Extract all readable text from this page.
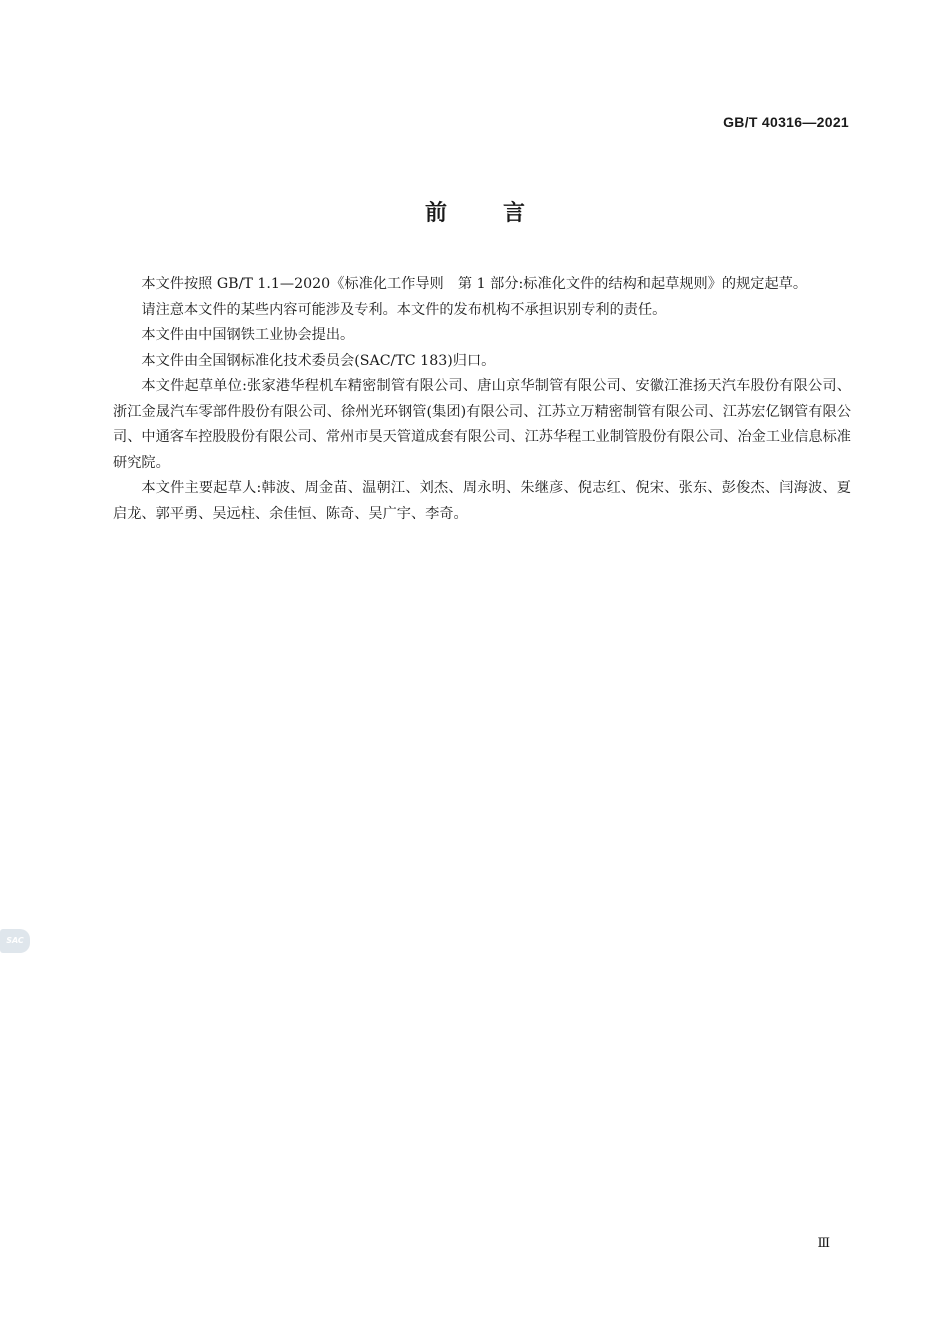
GB/T 40316—2021
前言

本文件按照 GB/T 1.1—2020《标准化工作导则　第 1 部分:标准化文件的结构和起草规则》的规定起草。

请注意本文件的某些内容可能涉及专利。本文件的发布机构不承担识别专利的责任。

本文件由中国钢铁工业协会提出。

本文件由全国钢标准化技术委员会(SAC/TC 183)归口。

本文件起草单位:张家港华程机车精密制管有限公司、唐山京华制管有限公司、安徽江淮扬天汽车股份有限公司、浙江金晟汽车零部件股份有限公司、徐州光环钢管(集团)有限公司、江苏立万精密制管有限公司、江苏宏亿钢管有限公司、中通客车控股股份有限公司、常州市昊天管道成套有限公司、江苏华程工业制管股份有限公司、冶金工业信息标准研究院。

本文件主要起草人:韩波、周金苗、温朝江、刘杰、周永明、朱继彦、倪志红、倪宋、张东、彭俊杰、闫海波、夏启龙、郭平勇、吴远柱、余佳恒、陈奇、吴广宇、李奇。

SAC
Ⅲ
